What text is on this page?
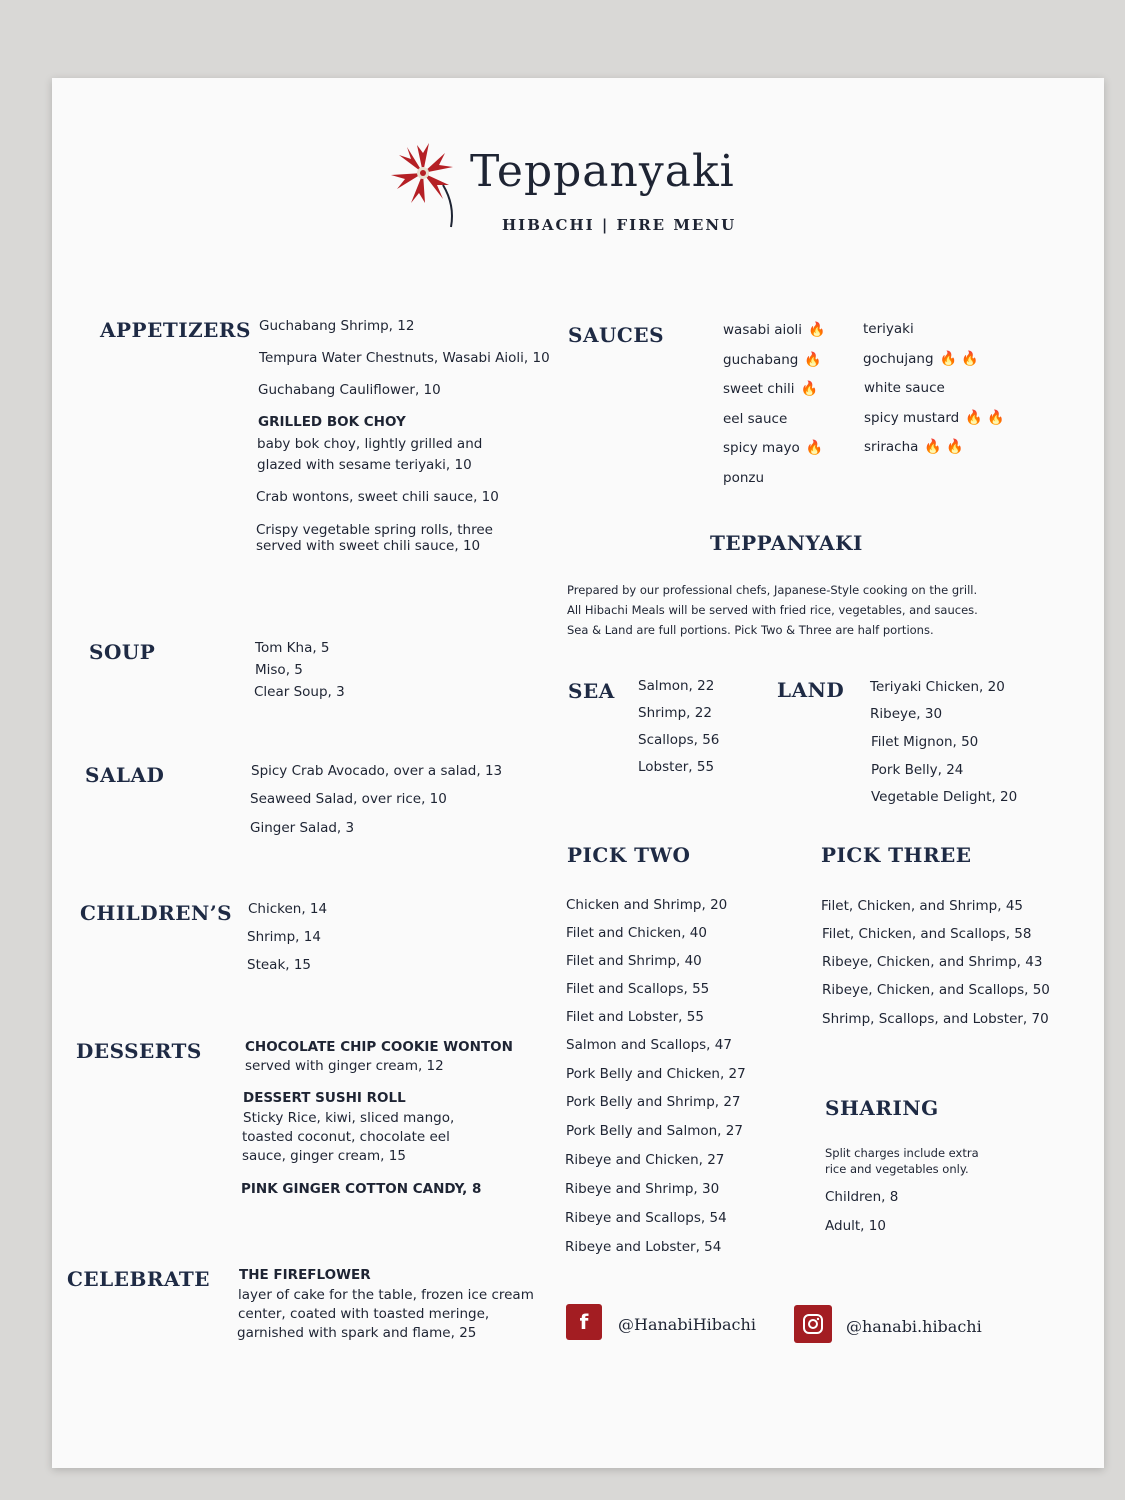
Teppanyaki
HIBACHI | FIRE MENU
APPETIZERS Guchabang Shrimp, 12
Tempura Water Chestnuts, Wasabi Aioli, 10
Guchabang Cauliflower, 10
GRILLED BOK CHOY
baby bok choy, lightly grilled and
glazed with sesame teriyaki, 10
Crab wontons, sweet chili sauce, 10
Crispy vegetable spring rolls, three
served with sweet chili sauce, 10
SOUP	Tom Kha, 5
Miso, 5
Clear Soup, 3
SALAD	Spicy Crab Avocado, over a salad, 13
Seaweed Salad, over rice, 10
Ginger Salad, 3
CHILDREN’S Chicken, 14
Shrimp, 14
Steak, 15
DESSERTS	CHOCOLATE CHIP COOKIE WONTON
served with ginger cream, 12
DESSERT SUSHI ROLL
Sticky Rice, kiwi, sliced mango,
toasted coconut, chocolate eel
sauce, ginger cream, 15
PINK GINGER COTTON CANDY, 8
CELEBRATE THE FIREFLOWER
layer of cake for the table, frozen ice cream
center, coated with toasted meringe,
garnished with spark and flame, 25
SAUCES	wasabi aioli 🔥
guchabang 🔥
sweet chili 🔥
eel sauce
spicy mayo 🔥
ponzu
teriyaki
gochujang 🔥 🔥
white sauce
spicy mustard 🔥 🔥
sriracha 🔥 🔥
TEPPANYAKI
Prepared by our professional chefs, Japanese-Style cooking on the grill.
All Hibachi Meals will be served with fried rice, vegetables, and sauces.
Sea & Land are full portions. Pick Two & Three are half portions.
SEA Salmon, 22
Shrimp, 22
Scallops, 56
Lobster, 55
LAND Teriyaki Chicken, 20
Ribeye, 30
Filet Mignon, 50
Pork Belly, 24
Vegetable Delight, 20
PICK TWO
Chicken and Shrimp, 20
Filet and Chicken, 40
Filet and Shrimp, 40
Filet and Scallops, 55
Filet and Lobster, 55
Salmon and Scallops, 47
Pork Belly and Chicken, 27
Pork Belly and Shrimp, 27
Pork Belly and Salmon, 27
Ribeye and Chicken, 27
Ribeye and Shrimp, 30
Ribeye and Scallops, 54
Ribeye and Lobster, 54
PICK THREE
Filet, Chicken, and Shrimp, 45
Filet, Chicken, and Scallops, 58
Ribeye, Chicken, and Shrimp, 43
Ribeye, Chicken, and Scallops, 50
Shrimp, Scallops, and Lobster, 70
SHARING
Split charges include extra
rice and vegetables only.
Children, 8
Adult, 10
f	@HanabiHibachi	@hanabi.hibachi
